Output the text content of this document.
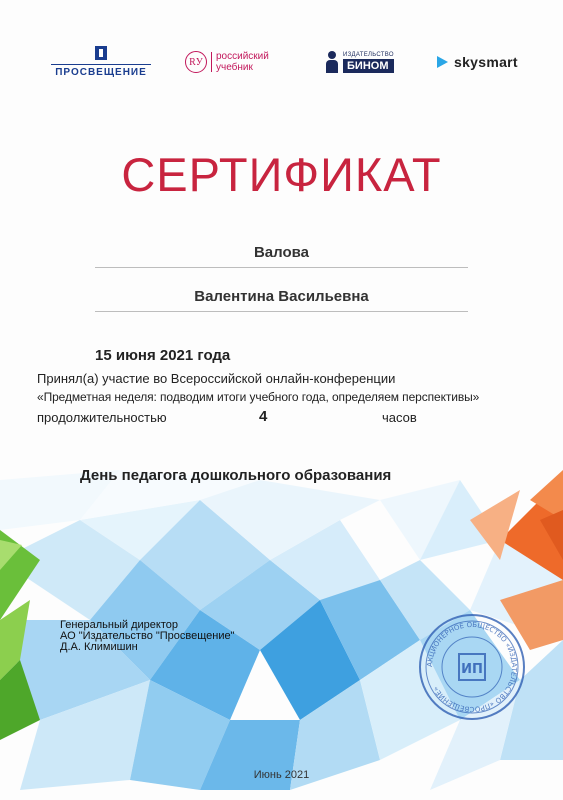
ПРОСВЕЩЕНИЕ
RУ	российский
учебник
ИЗДАТЕЛЬСТВО
БИНОМ	skysmart
СЕРТИФИКАТ
Валова
Валентина Васильевна
15 июня 2021 года
Принял(а) участие во Всероссийской онлайн-конференции
«Предметная неделя: подводим итоги учебного года, определяем перспективы»
продолжительностью	4	часов
День педагога дошкольного образования
Генеральный директор
АО "Издательство "Просвещение"
Д.А. Климишин
АКЦИОНЕРНОЕ ОБЩЕСТВО «ИЗДАТЕЛЬСТВО «ПРОСВЕЩЕНИЕ»
ИП
Июнь 2021
